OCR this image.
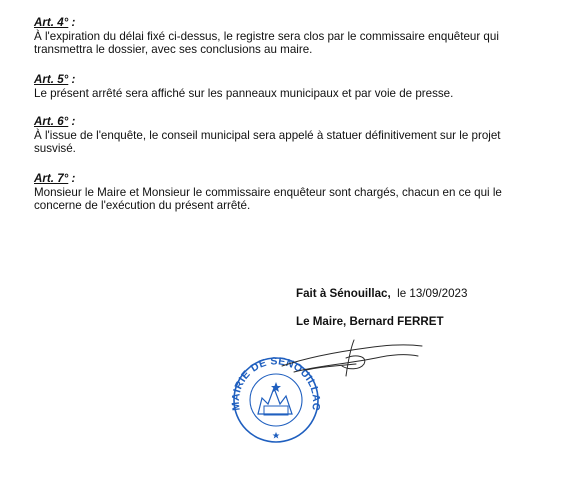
Art. 4° :

À l'expiration du délai fixé ci-dessus, le registre sera clos par le commissaire enquêteur qui

transmettra le dossier, avec ses conclusions au maire.

Art. 5° :

Le présent arrêté sera affiché sur les panneaux municipaux et par voie de presse.

Art. 6° :

À l'issue de l'enquête, le conseil municipal sera appelé à statuer définitivement sur le projet

susvisé.

Art. 7° :

Monsieur le Maire et Monsieur le commissaire enquêteur sont chargés, chacun en ce qui le

concerne de l'exécution du présent arrêté.

Fait à Sénouillac,  le 13/09/2023
Le Maire, Bernard FERRET
MAIRIE DE SENOUILLAC
